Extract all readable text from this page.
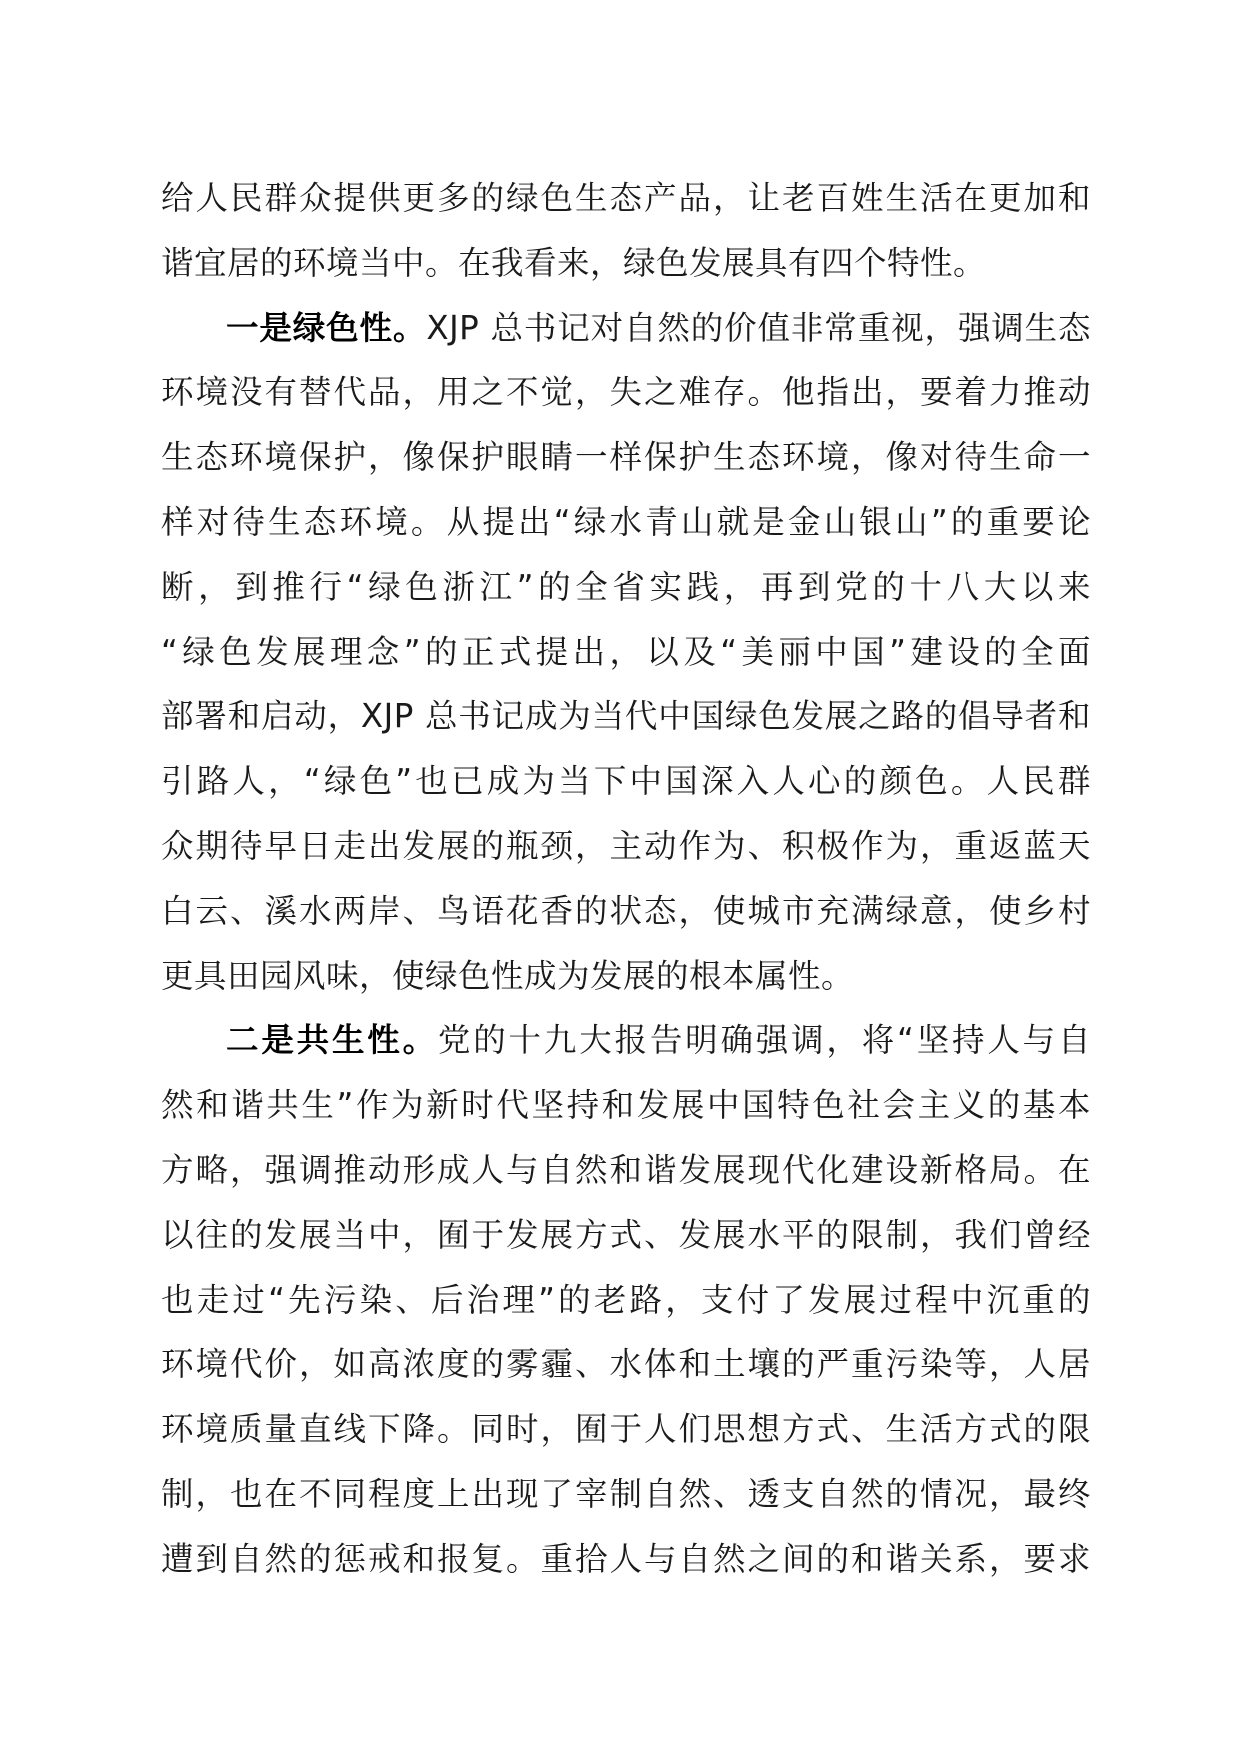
给人民群众提供更多的绿色生态产品，让老百姓生活在更加和
谐宜居的环境当中。在我看来，绿色发展具有四个特性。
一是绿色性。XJP 总书记对自然的价值非常重视，强调生态
环境没有替代品，用之不觉，失之难存。他指出，要着力推动
生态环境保护，像保护眼睛一样保护生态环境，像对待生命一
样对待生态环境。从提出“绿水青山就是金山银山”的重要论
断，到推行“绿色浙江”的全省实践，再到党的十八大以来
“绿色发展理念”的正式提出，以及“美丽中国”建设的全面
部署和启动，XJP 总书记成为当代中国绿色发展之路的倡导者和
引路人，“绿色”也已成为当下中国深入人心的颜色。人民群
众期待早日走出发展的瓶颈，主动作为、积极作为，重返蓝天
白云、溪水两岸、鸟语花香的状态，使城市充满绿意，使乡村
更具田园风味，使绿色性成为发展的根本属性。
二是共生性。党的十九大报告明确强调，将“坚持人与自
然和谐共生”作为新时代坚持和发展中国特色社会主义的基本
方略，强调推动形成人与自然和谐发展现代化建设新格局。在
以往的发展当中，囿于发展方式、发展水平的限制，我们曾经
也走过“先污染、后治理”的老路，支付了发展过程中沉重的
环境代价，如高浓度的雾霾、水体和土壤的严重污染等，人居
环境质量直线下降。同时，囿于人们思想方式、生活方式的限
制，也在不同程度上出现了宰制自然、透支自然的情况，最终
遭到自然的惩戒和报复。重拾人与自然之间的和谐关系，要求
